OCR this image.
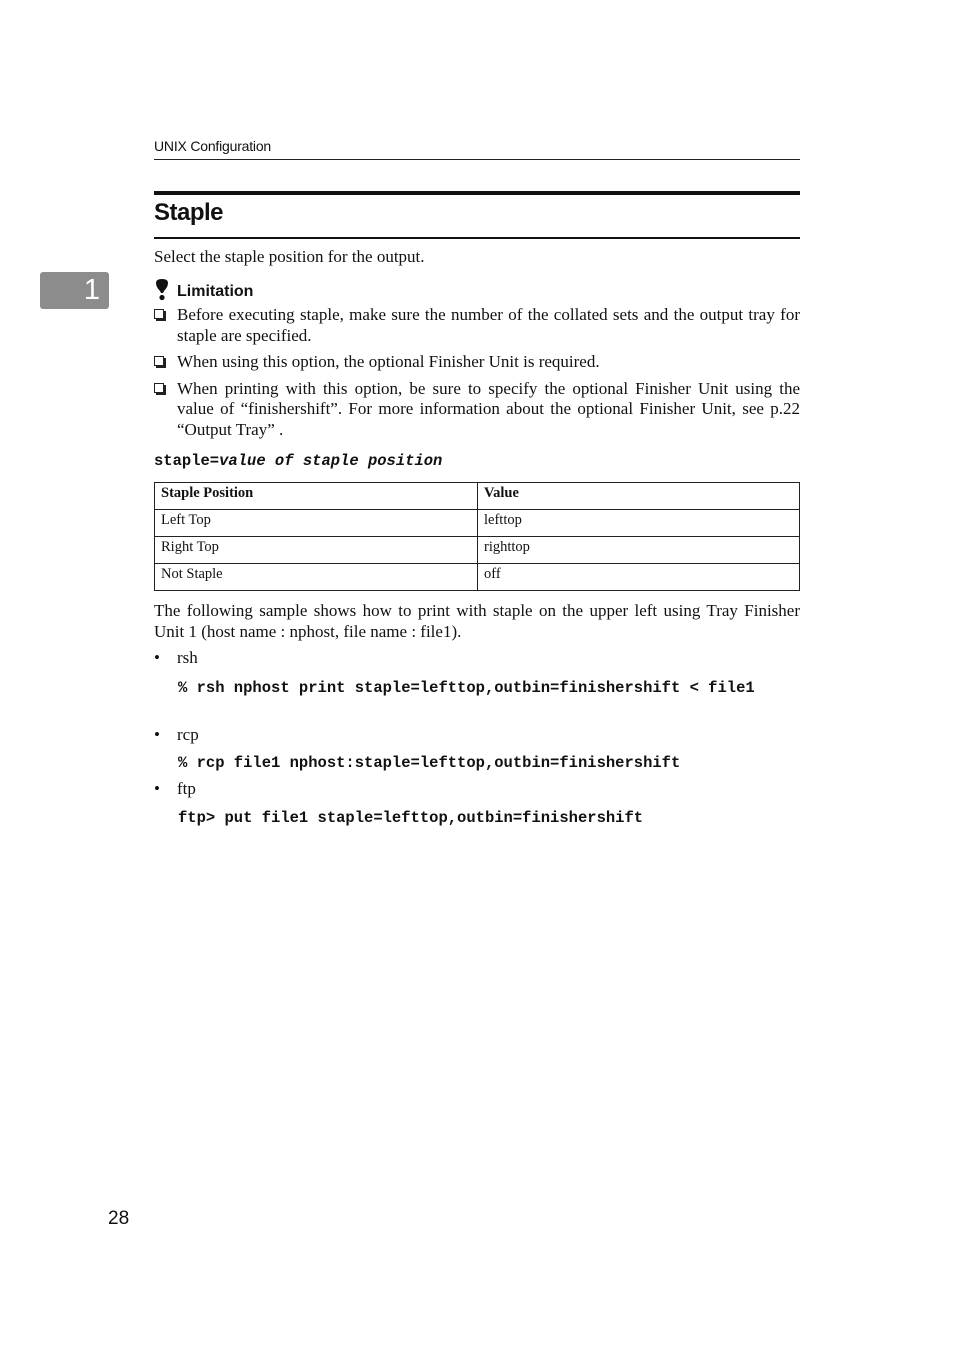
UNIX Configuration
1
Staple
Select the staple position for the output.
Limitation
Before executing staple, make sure the number of the collated sets and the output tray for staple are specified.
When using this option, the optional Finisher Unit is required.
When printing with this option, be sure to specify the optional Finisher Unit using the value of “finishershift”. For more information about the optional Finisher Unit, see p.22 “Output Tray” .
staple=value of staple position
Staple Position	Value
Left Top	lefttop
Right Top	righttop
Not Staple	off
The following sample shows how to print with staple on the upper left using Tray Finisher Unit 1 (host name : nphost, file name : file1).
• rsh
% rsh nphost print staple=lefttop,outbin=finishershift < file1
• rcp
% rcp file1 nphost:staple=lefttop,outbin=finishershift
• ftp
ftp> put file1 staple=lefttop,outbin=finishershift
28
